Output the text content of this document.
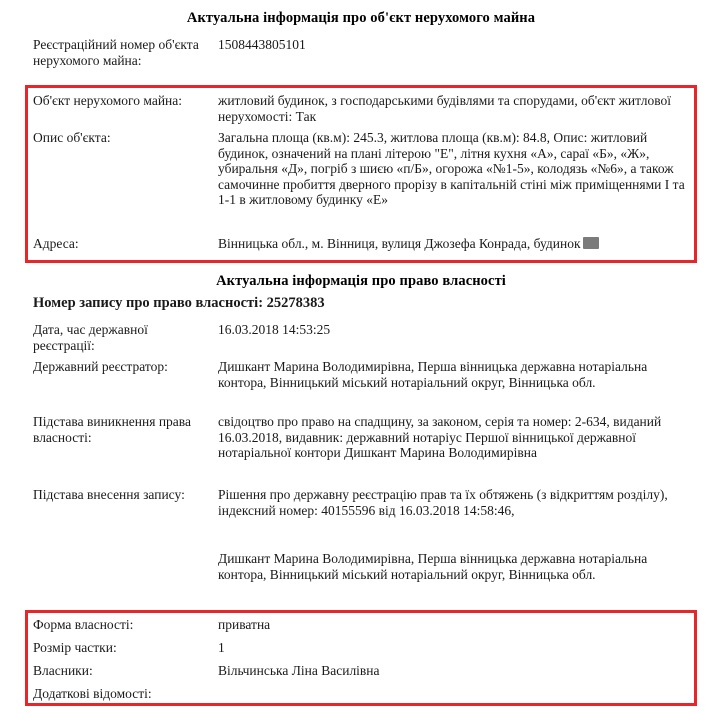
Актуальна інформація про об'єкт нерухомого майна
Реєстраційний номер об'єкта нерухомого майна:
1508443805101
Об'єкт нерухомого майна:	житловий будинок, з господарськими будівлями та спорудами, об'єкт житлової нерухомості: Так
Опис об'єкта:	Загальна площа (кв.м): 245.3, житлова площа (кв.м): 84.8, Опис: житловий будинок, означений на плані літерою "Е", літня кухня «А», сараї «Б», «Ж», убиральня «Д», погріб з шиєю «п/Б», огорожа «№1-5», колодязь «№6», а також самочинне пробиття дверного прорізу в капітальній стіні між приміщеннями І та 1-1 в житловому будинку «Е»
Адреса:	Вінницька обл., м. Вінниця, вулиця Джозефа Конрада, будинок
Актуальна інформація про право власності
Номер запису про право власності: 25278383
Дата, час державної реєстрації:
16.03.2018 14:53:25
Державний реєстратор:	Дишкант Марина Володимирівна, Перша вінницька державна нотаріальна контора, Вінницький міський нотаріальний округ, Вінницька обл.
Підстава виникнення права власності:
свідоцтво про право на спадщину, за законом, серія та номер: 2-634, виданий 16.03.2018, видавник: державний нотаріус Першої вінницької державної нотаріальної контори Дишкант Марина Володимирівна
Підстава внесення запису:	Рішення про державну реєстрацію прав та їх обтяжень (з відкриттям розділу), індексний номер: 40155596 від 16.03.2018 14:58:46,
Дишкант Марина Володимирівна, Перша вінницька державна нотаріальна контора, Вінницький міський нотаріальний округ, Вінницька обл.
Форма власності:	приватна
Розмір частки:	1
Власники:	Вільчинська Ліна Василівна
Додаткові відомості:
